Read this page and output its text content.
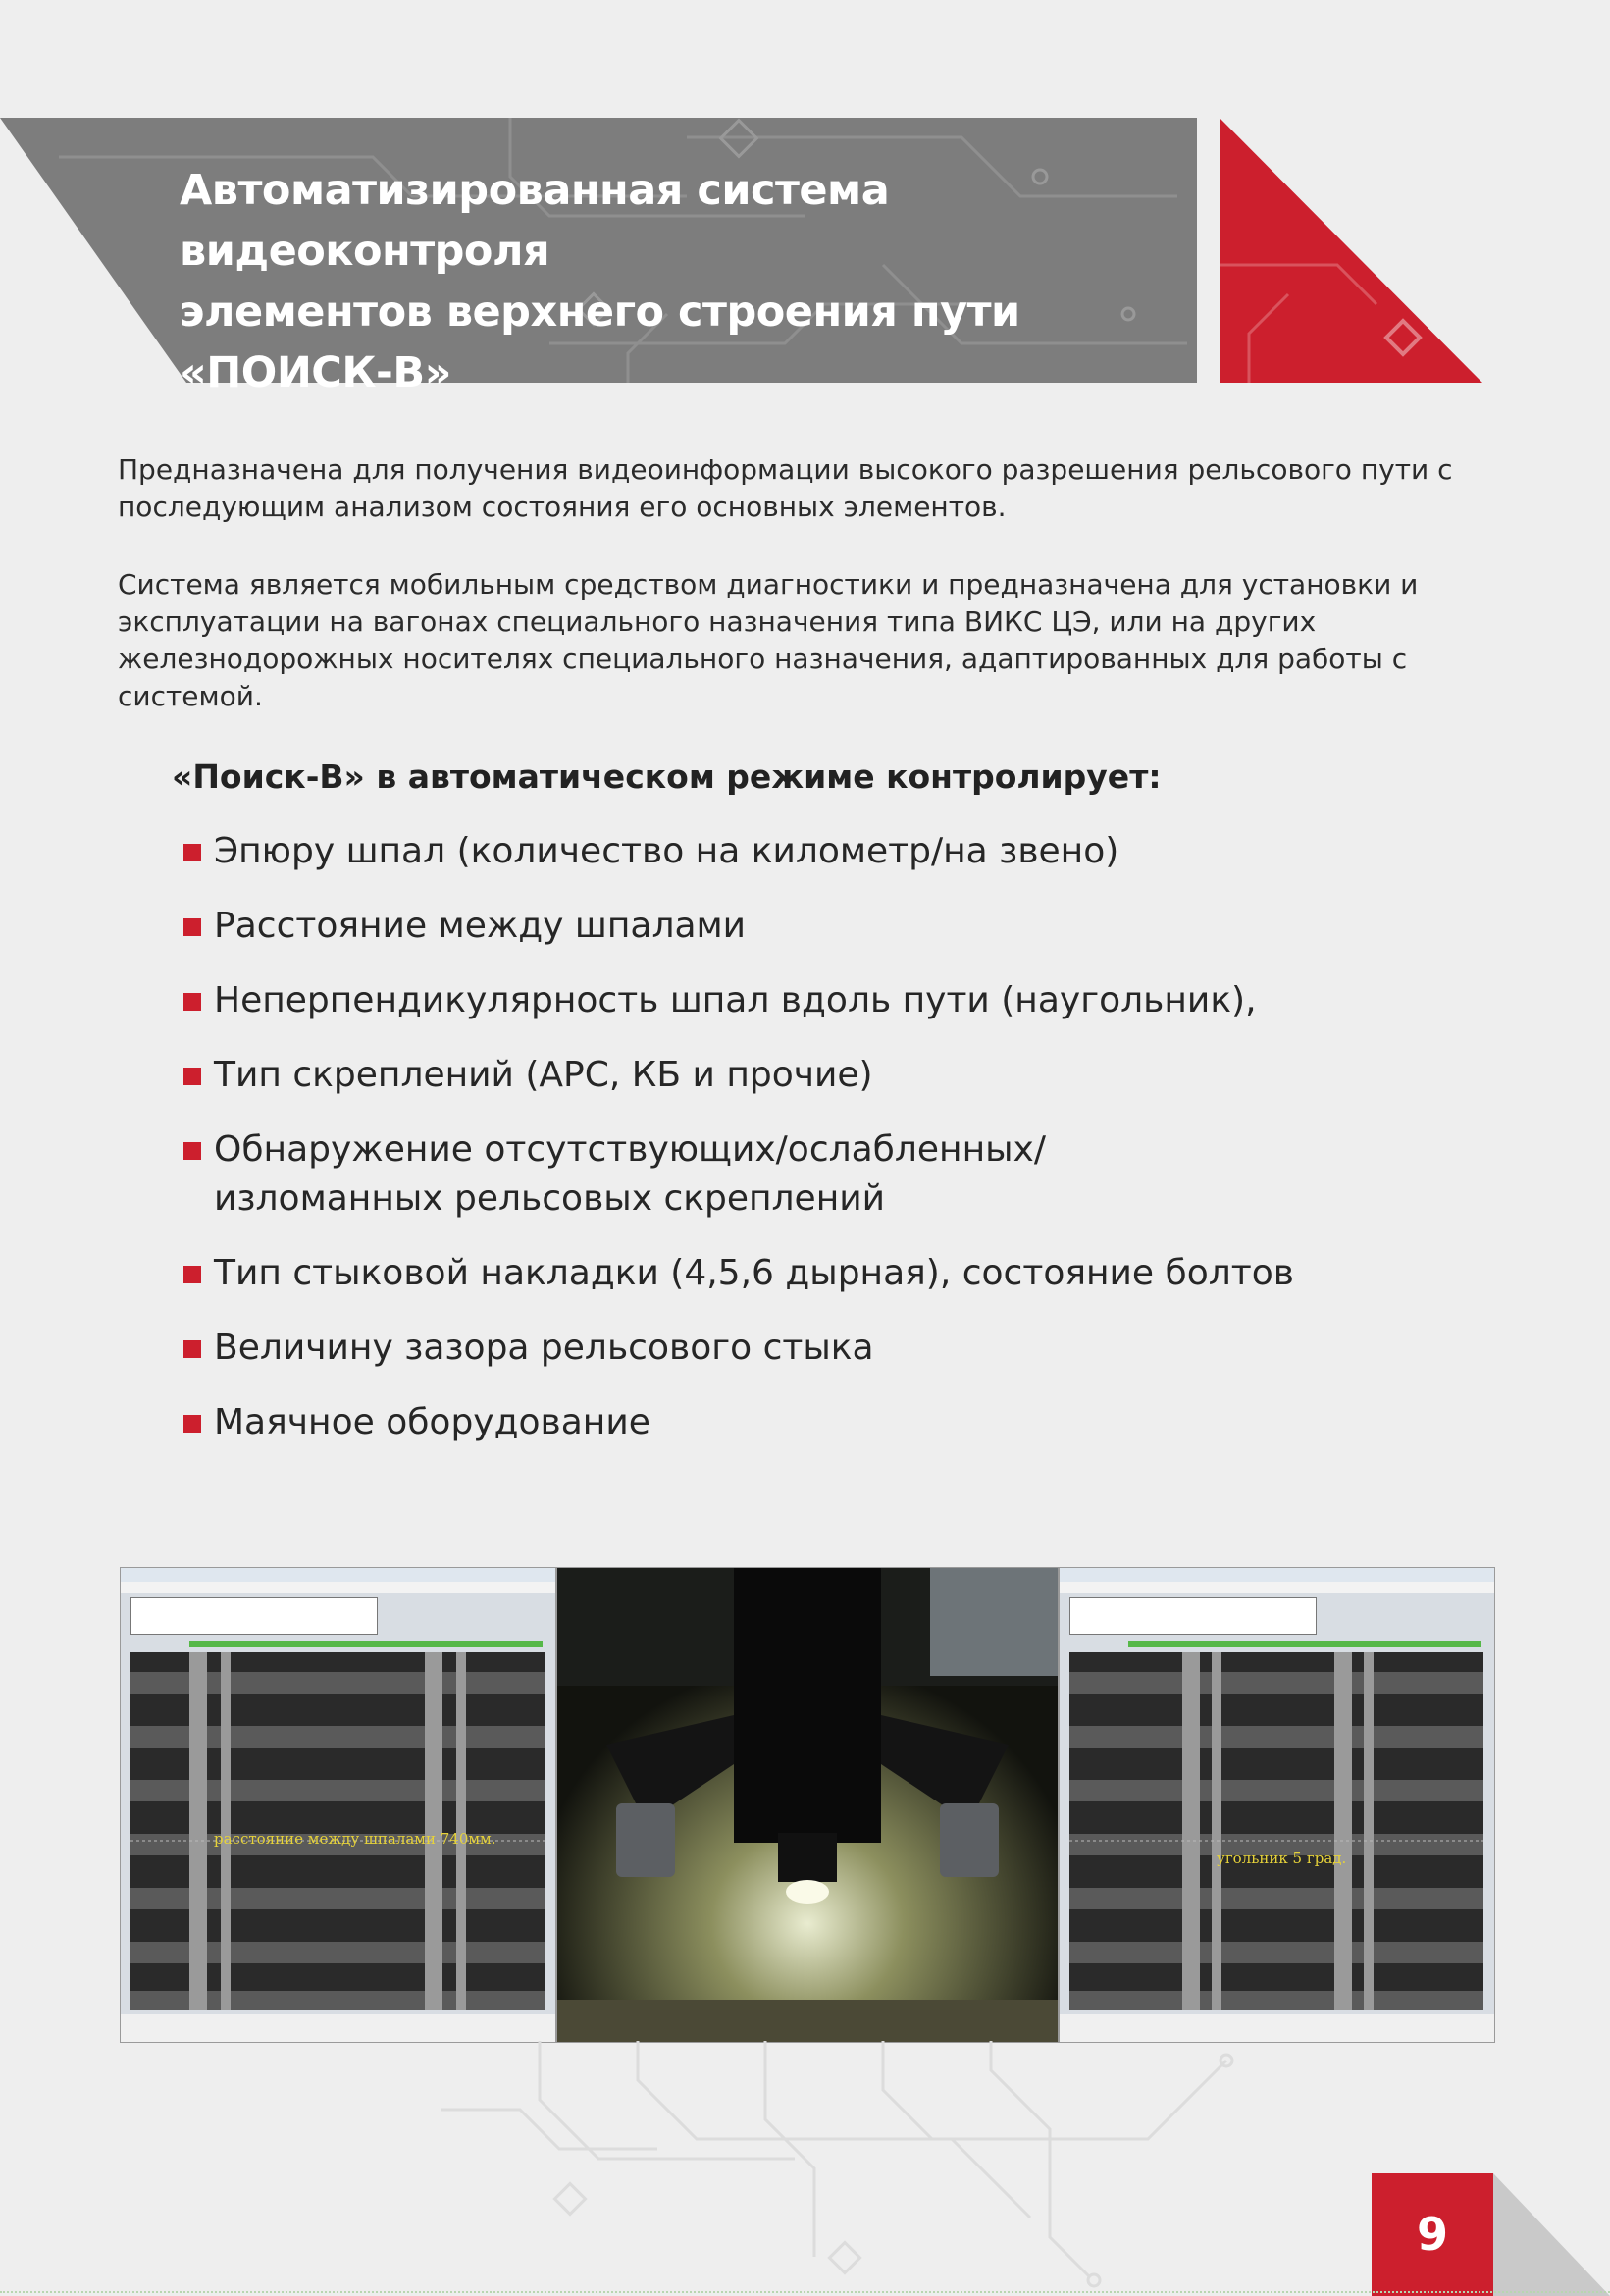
Автоматизированная система видеоконтроля
элементов верхнего строения пути
«ПОИСК-В»

Предназначена для получения видеоинформации высокого разрешения рельсового пути с последующим анализом состояния его основных элементов.

Система является мобильным средством диагностики и предназначена для установки и эксплуатации на вагонах специального назначения типа ВИКС ЦЭ, или на других железнодорожных носителях специального назначения, адаптированных для работы с системой.

«Поиск-В» в автоматическом режиме контролирует:
Эпюру шпал (количество на километр/на звено)
Расстояние между шпалами
Неперпендикулярность шпал вдоль пути (наугольник),
Тип скреплений (АРС, КБ и прочие)
Обнаружение отсутствующих/ослабленных/изломанных рельсовых скреплений
Тип стыковой накладки (4,5,6 дырная), состояние болтов
Величину зазора рельсового стыка
Маячное оборудование
расстояние между шпалами 740мм.
угольник 5 град.
9
